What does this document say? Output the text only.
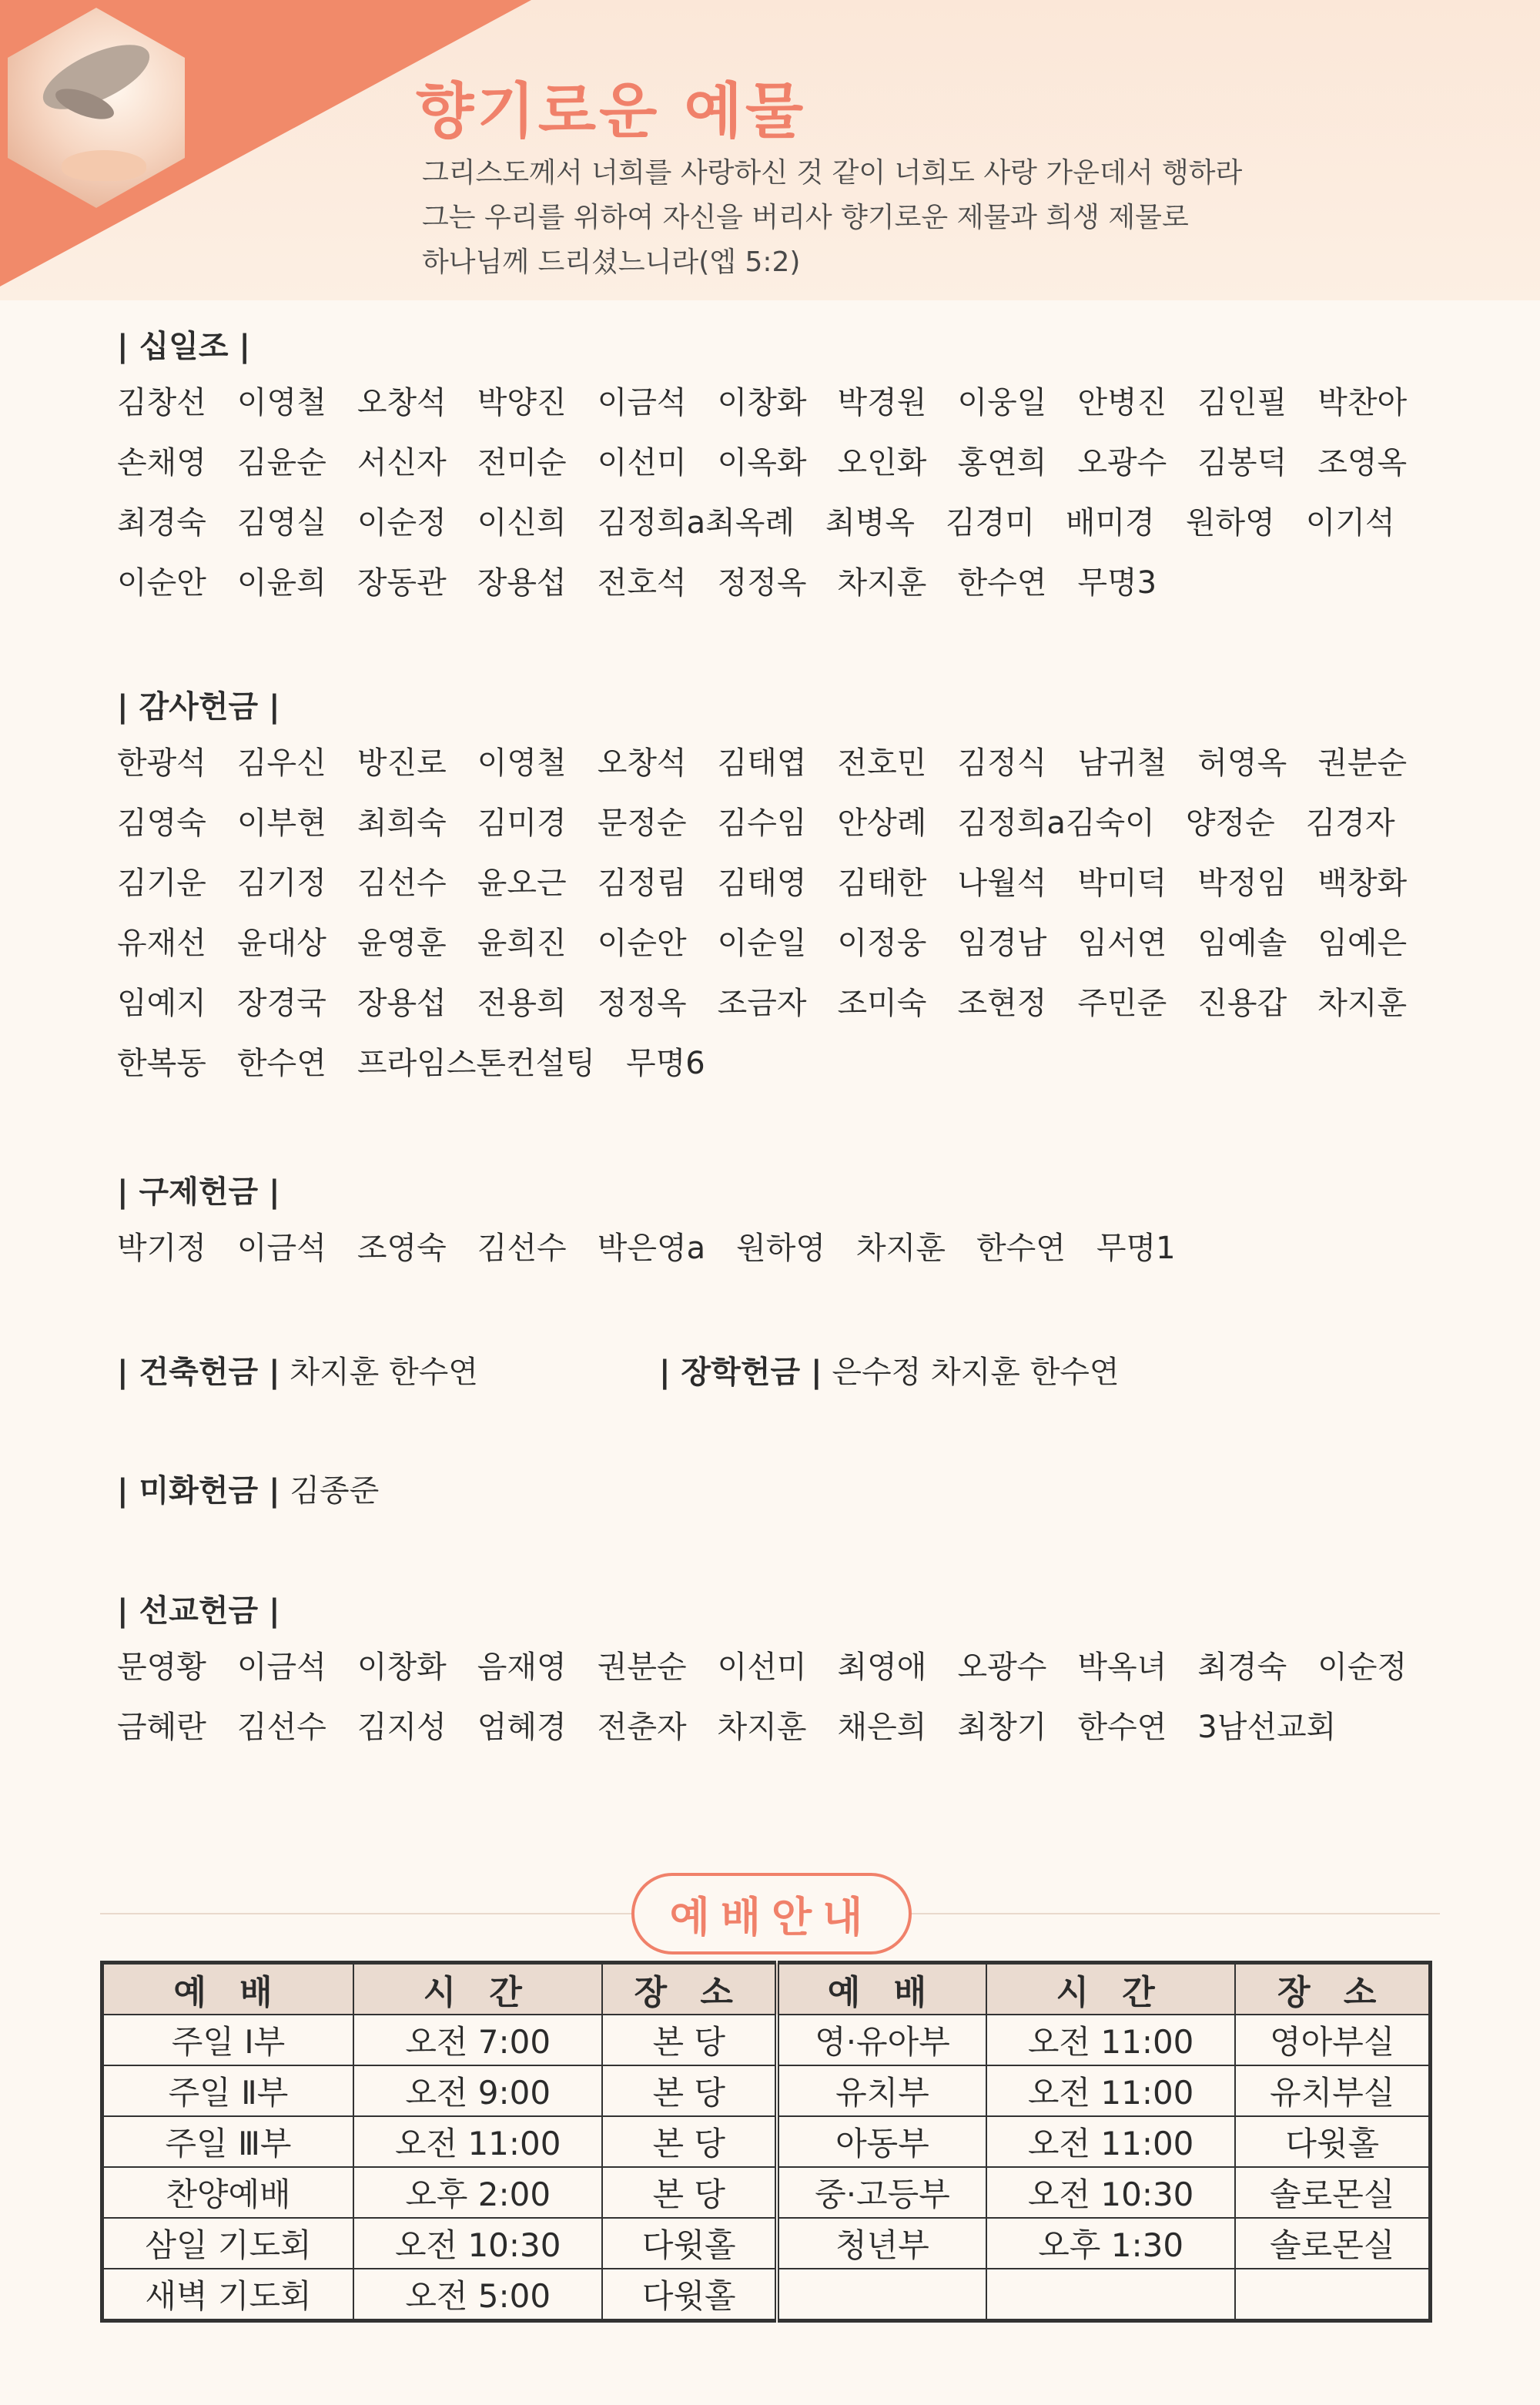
향기로운 예물
그리스도께서 너희를 사랑하신 것 같이 너희도 사랑 가운데서 행하라
그는 우리를 위하여 자신을 버리사 향기로운 제물과 희생 제물로
하나님께 드리셨느니라(엡 5:2)

| 십일조 |

김창선 이영철 오창석 박양진 이금석 이창화 박경원 이웅일 안병진 김인필 박찬아
손채영 김윤순 서신자 전미순 이선미 이옥화 오인화 홍연희 오광수 김봉덕 조영옥
최경숙 김영실 이순정 이신희 김정희a최옥례 최병옥 김경미 배미경 원하영 이기석
이순안 이윤희 장동관 장용섭 전호석 정정옥 차지훈 한수연 무명3

| 감사헌금 |

한광석 김우신 방진로 이영철 오창석 김태엽 전호민 김정식 남귀철 허영옥 권분순
김영숙 이부현 최희숙 김미경 문정순 김수임 안상례 김정희a김숙이 양정순 김경자
김기운 김기정 김선수 윤오근 김정림 김태영 김태한 나월석 박미덕 박정임 백창화
유재선 윤대상 윤영훈 윤희진 이순안 이순일 이정웅 임경남 임서연 임예솔 임예은
임예지 장경국 장용섭 전용희 정정옥 조금자 조미숙 조현정 주민준 진용갑 차지훈
한복동 한수연 프라임스톤컨설팅 무명6

| 구제헌금 |

박기정 이금석 조영숙 김선수 박은영a 원하영 차지훈 한수연 무명1
| 건축헌금 | 차지훈 한수연	| 장학헌금 | 은수정 차지훈 한수연
| 미화헌금 | 김종준

| 선교헌금 |

문영황 이금석 이창화 음재영 권분순 이선미 최영애 오광수 박옥녀 최경숙 이순정
금혜란 김선수 김지성 엄혜경 전춘자 차지훈 채은희 최창기 한수연 3남선교회
예배안내
예 배	시 간	장 소	예 배	시 간	장 소
주일 Ⅰ부	오전 7:00	본 당	영·유아부	오전 11:00	영아부실
주일 Ⅱ부	오전 9:00	본 당	유치부	오전 11:00	유치부실
주일 Ⅲ부	오전 11:00	본 당	아동부	오전 11:00	다윗홀
찬양예배	오후 2:00	본 당	중·고등부	오전 10:30	솔로몬실
삼일 기도회	오전 10:30	다윗홀	청년부	오후 1:30	솔로몬실
새벽 기도회	오전 5:00	다윗홀			
